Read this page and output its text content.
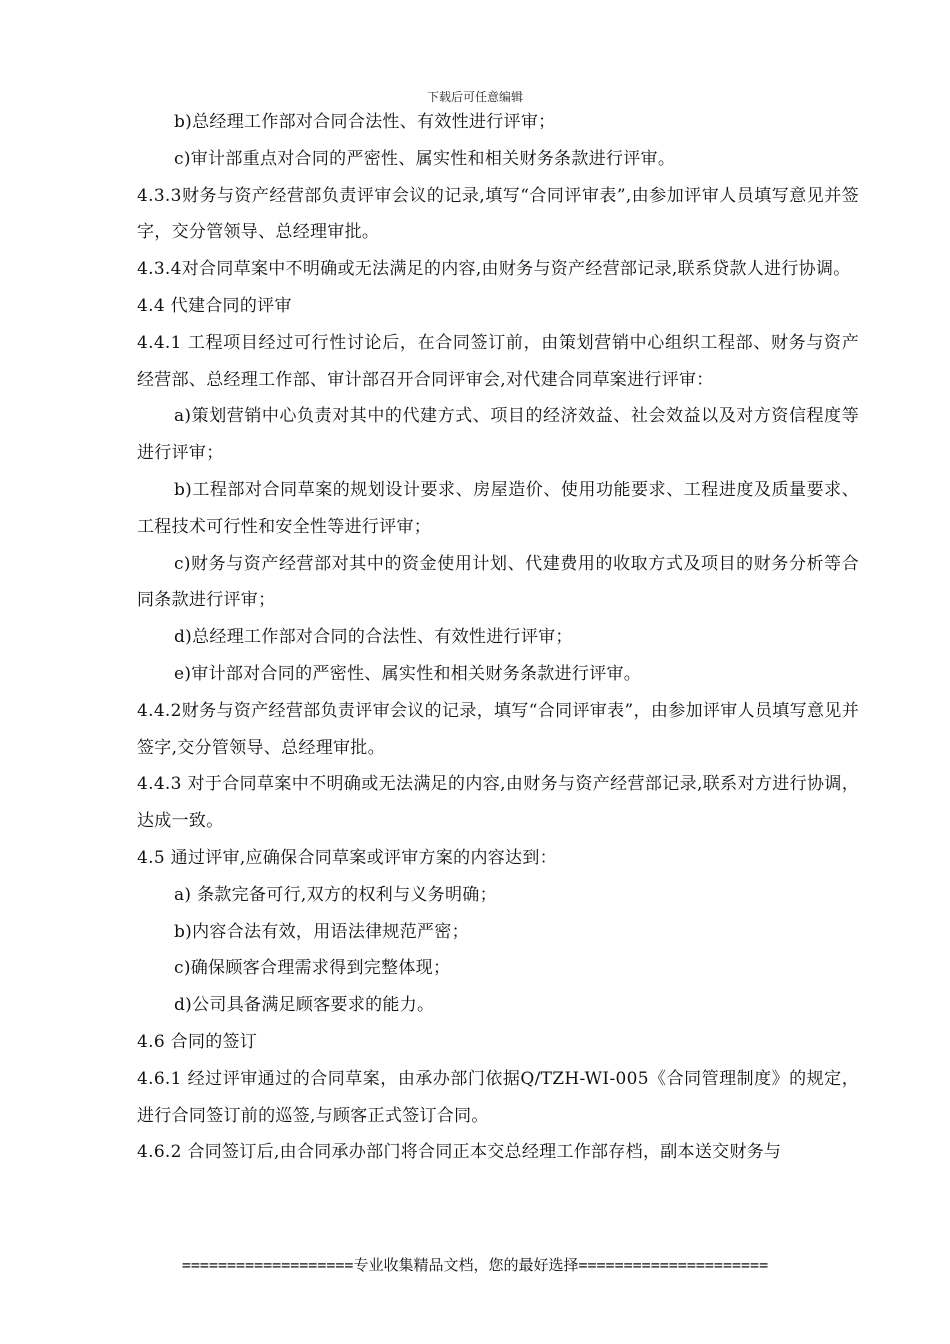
下载后可任意编辑

b)总经理工作部对合同合法性、有效性进行评审；

c)审计部重点对合同的严密性、属实性和相关财务条款进行评审。

4.3.3财务与资产经营部负责评审会议的记录,填写“合同评审表”,由参加评审人员填写意见并签字，交分管领导、总经理审批。

4.3.4对合同草案中不明确或无法满足的内容,由财务与资产经营部记录,联系贷款人进行协调。

4.4 代建合同的评审

4.4.1 工程项目经过可行性讨论后，在合同签订前，由策划营销中心组织工程部、财务与资产经营部、总经理工作部、审计部召开合同评审会,对代建合同草案进行评审：

a)策划营销中心负责对其中的代建方式、项目的经济效益、社会效益以及对方资信程度等进行评审；

b)工程部对合同草案的规划设计要求、房屋造价、使用功能要求、工程进度及质量要求、工程技术可行性和安全性等进行评审；

c)财务与资产经营部对其中的资金使用计划、代建费用的收取方式及项目的财务分析等合同条款进行评审；

d)总经理工作部对合同的合法性、有效性进行评审；

e)审计部对合同的严密性、属实性和相关财务条款进行评审。

4.4.2财务与资产经营部负责评审会议的记录，填写“合同评审表”，由参加评审人员填写意见并签字,交分管领导、总经理审批。

4.4.3 对于合同草案中不明确或无法满足的内容,由财务与资产经营部记录,联系对方进行协调，达成一致。

4.5 通过评审,应确保合同草案或评审方案的内容达到：

a) 条款完备可行,双方的权利与义务明确；

b)内容合法有效，用语法律规范严密；

c)确保顾客合理需求得到完整体现；

d)公司具备满足顾客要求的能力。

4.6 合同的签订

4.6.1 经过评审通过的合同草案，由承办部门依据Q/TZH-WI-005《合同管理制度》的规定，进行合同签订前的巡签,与顾客正式签订合同。

4.6.2 合同签订后,由合同承办部门将合同正本交总经理工作部存档，副本送交财务与

===================专业收集精品文档，您的最好选择=====================
